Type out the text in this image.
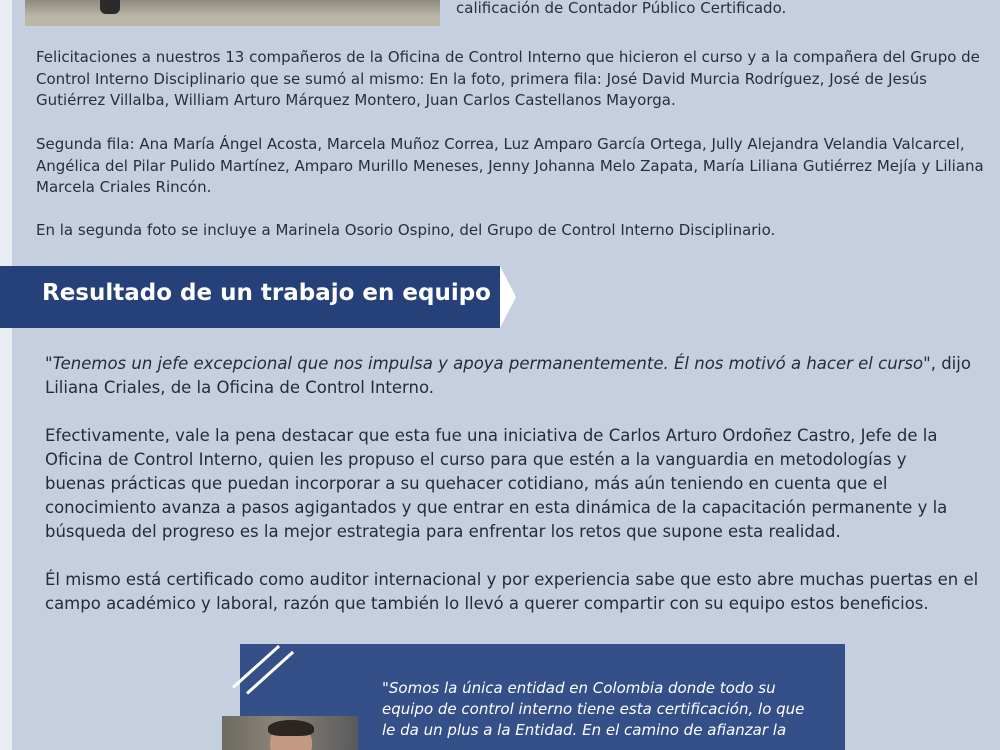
calificación de Contador Público Certificado.

Felicitaciones a nuestros 13 compañeros de la Oficina de Control Interno que hicieron el curso y a la compañera del Grupo de Control Interno Disciplinario que se sumó al mismo: En la foto, primera fila: José David Murcia Rodríguez, José de Jesús Gutiérrez Villalba, William Arturo Márquez Montero, Juan Carlos Castellanos Mayorga.

Segunda fila: Ana María Ángel Acosta, Marcela Muñoz Correa, Luz Amparo García Ortega, Jully Alejandra Velandia Valcarcel, Angélica del Pilar Pulido Martínez, Amparo Murillo Meneses, Jenny Johanna Melo Zapata, María Liliana Gutiérrez Mejía y Liliana Marcela Criales Rincón.

En la segunda foto se incluye a Marinela Osorio Ospino, del Grupo de Control Interno Disciplinario.

Resultado de un trabajo en equipo

"Tenemos un jefe excepcional que nos impulsa y apoya permanentemente. Él nos motivó a hacer el curso", dijo Liliana Criales, de la Oficina de Control Interno.

Efectivamente, vale la pena destacar que esta fue una iniciativa de Carlos Arturo Ordoñez Castro, Jefe de la Oficina de Control Interno, quien les propuso el curso para que estén a la vanguardia en metodologías y buenas prácticas que puedan incorporar a su quehacer cotidiano, más aún teniendo en cuenta que el conocimiento avanza a pasos agigantados y que entrar en esta dinámica de la capacitación permanente y la búsqueda del progreso es la mejor estrategia para enfrentar los retos que supone esta realidad.

Él mismo está certificado como auditor internacional y por experiencia sabe que esto abre muchas puertas en el campo académico y laboral, razón que también lo llevó a querer compartir con su equipo estos beneficios.

"Somos la única entidad en Colombia donde todo su equipo de control interno tiene esta certificación, lo que le da un plus a la Entidad. En el camino de afianzar la
